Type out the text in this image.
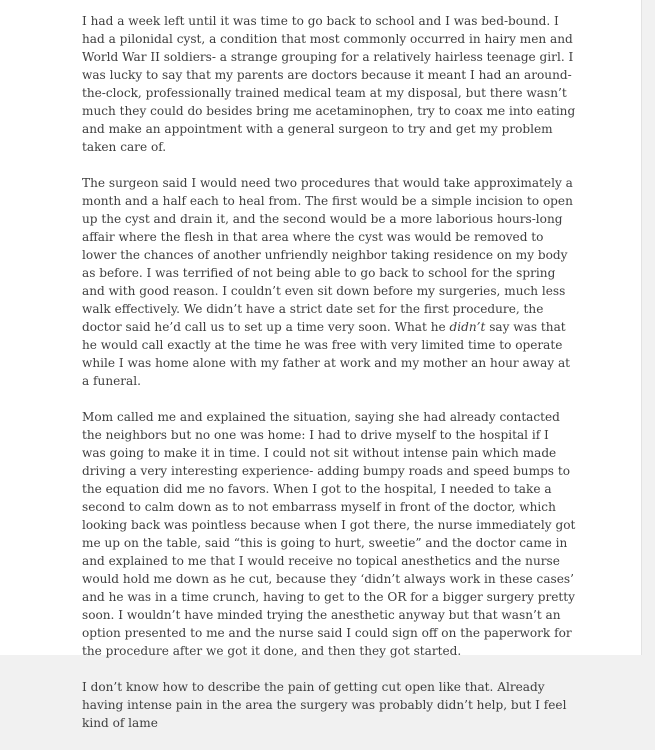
I had a week left until it was time to go back to school and I was bed-bound. I had a pilonidal cyst, a condition that most commonly occurred in hairy men and World War II soldiers- a strange grouping for a relatively hairless teenage girl. I was lucky to say that my parents are doctors because it meant I had an around-the-clock, professionally trained medical team at my disposal, but there wasn’t much they could do besides bring me acetaminophen, try to coax me into eating and make an appointment with a general surgeon to try and get my problem taken care of.

The surgeon said I would need two procedures that would take approximately a month and a half each to heal from. The first would be a simple incision to open up the cyst and drain it, and the second would be a more laborious hours-long affair where the flesh in that area where the cyst was would be removed to lower the chances of another unfriendly neighbor taking residence on my body as before. I was terrified of not being able to go back to school for the spring and with good reason. I couldn’t even sit down before my surgeries, much less walk effectively. We didn’t have a strict date set for the first procedure, the doctor said he’d call us to set up a time very soon. What he didn’t say was that he would call exactly at the time he was free with very limited time to operate while I was home alone with my father at work and my mother an hour away at a funeral.

Mom called me and explained the situation, saying she had already contacted the neighbors but no one was home: I had to drive myself to the hospital if I was going to make it in time. I could not sit without intense pain which made driving a very interesting experience- adding bumpy roads and speed bumps to the equation did me no favors. When I got to the hospital, I needed to take a second to calm down as to not embarrass myself in front of the doctor, which looking back was pointless because when I got there, the nurse immediately got me up on the table, said “this is going to hurt, sweetie” and the doctor came in and explained to me that I would receive no topical anesthetics and the nurse would hold me down as he cut, because they ‘didn’t always work in these cases’ and he was in a time crunch, having to get to the OR for a bigger surgery pretty soon. I wouldn’t have minded trying the anesthetic anyway but that wasn’t an option presented to me and the nurse said I could sign off on the paperwork for the procedure after we got it done, and then they got started.

I don’t know how to describe the pain of getting cut open like that. Already having intense pain in the area the surgery was probably didn’t help, but I feel kind of lame
